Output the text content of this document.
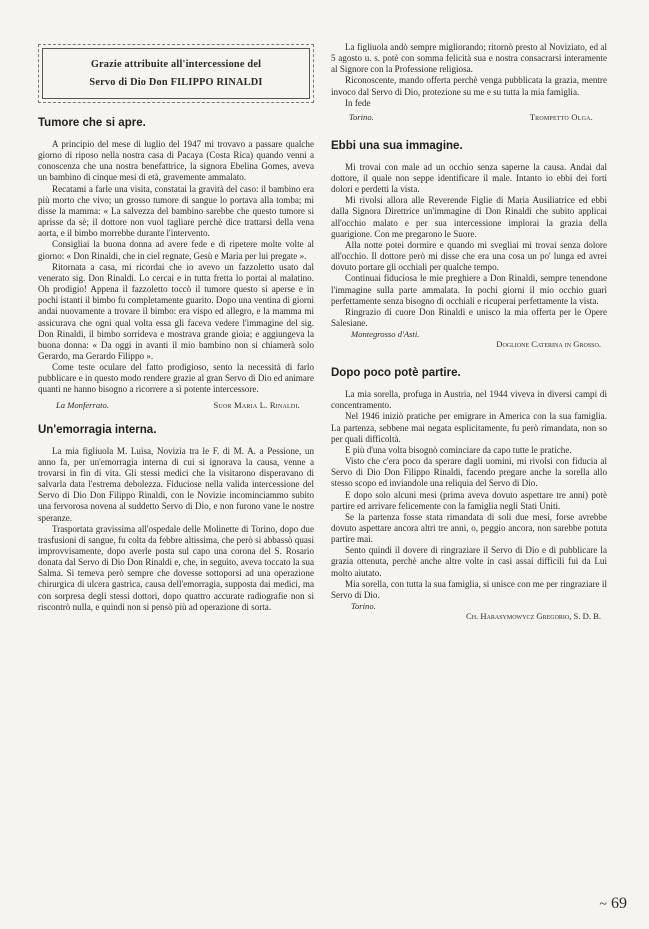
Grazie attribuite all'intercessione del
Servo di Dio Don FILIPPO RINALDI
Tumore che si apre.

A principio del mese di luglio del 1947 mi trovavo a passare qualche giorno di riposo nella nostra casa di Pacaya (Costa Rica) quando venni a conoscenza che una nostra benefattrice, la signora Ebelina Gomes, aveva un bambino di cinque mesi di età, gravemente ammalato.

Recatami a farle una visita, constatai la gravità del caso: il bambino era più morto che vivo; un grosso tumore di sangue lo portava alla tomba; mi disse la mamma: « La salvezza del bambino sarebbe che questo tumore si aprisse da sè; il dottore non vuol tagliare perchè dice trattarsi della vena aorta, e il bimbo morrebbe durante l'intervento.

Consigliai la buona donna ad avere fede e di ripetere molte volte al giorno: « Don Rinaldi, che in ciel regnate, Gesù e Maria per lui pregate ».

Ritornata a casa, mi ricordai che io avevo un fazzoletto usato dal venerato sig. Don Rinaldi. Lo cercai e in tutta fretta lo portai al malatino. Oh prodigio! Appena il fazzoletto toccò il tumore questo si aperse e in pochi istanti il bimbo fu completamente guarito. Dopo una ventina di giorni andai nuovamente a trovare il bimbo: era vispo ed allegro, e la mamma mi assicurava che ogni qual volta essa gli faceva vedere l'immagine del sig. Don Rinaldi, il bimbo sorrideva e mostrava grande gioia; e aggiungeva la buona donna: « Da oggi in avanti il mio bambino non si chiamerà solo Gerardo, ma Gerardo Filippo ».

Come teste oculare del fatto prodigioso, sento la necessità di farlo pubblicare e in questo modo rendere grazie al gran Servo di Dio ed animare quanti ne hanno bisogno a ricorrere a sì potente intercessore.

La Monferrato.	Suor Maria L. Rinaldi.
Un'emorragia interna.

La mia figliuola M. Luisa, Novizia tra le F. di M. A. a Pessione, un anno fa, per un'emorragia interna di cui si ignorava la causa, venne a trovarsi in fin di vita. Gli stessi medici che la visitarono disperavano di salvarla data l'estrema debolezza. Fiduciose nella valida intercessione del Servo di Dio Don Filippo Rinaldi, con le Novizie incominciammo subito una fervorosa novena al suddetto Servo di Dio, e non furono vane le nostre speranze.

Trasportata gravissima all'ospedale delle Molinette di Torino, dopo due trasfusioni di sangue, fu colta da febbre altissima, che però si abbassò quasi improvvisamente, dopo averle posta sul capo una corona del S. Rosario donata dal Servo di Dio Don Rinaldi e, che, in seguito, aveva toccato la sua Salma. Si temeva però sempre che dovesse sottoporsi ad una operazione chirurgica di ulcera gastrica, causa dell'emorragia, supposta dai medici, ma con sorpresa degli stessi dottori, dopo quattro accurate radiografie non si riscontrò nulla, e quindi non si pensò più ad operazione di sorta.

La figliuola andò sempre migliorando; ritornò presto al Noviziato, ed al 5 agosto u. s. potè con somma felicità sua e nostra consacrarsi interamente al Signore con la Professione religiosa.

Riconoscente, mando offerta perchè venga pubblicata la grazia, mentre invoco dal Servo di Dio, protezione su me e su tutta la mia famiglia.

In fede
Torino.	Trompetto Olga.
Ebbi una sua immagine.

Mi trovai con male ad un occhio senza saperne la causa. Andai dal dottore, il quale non seppe identificare il male. Intanto io ebbi dei forti dolori e perdetti la vista.

Mi rivolsi allora alle Reverende Figlie di Maria Ausiliatrice ed ebbi dalla Signora Direttrice un'immagine di Don Rinaldi che subito applicai all'occhio malato e per sua intercessione implorai la grazia della guarigione. Con me pregarono le Suore.

Alla notte potei dormire e quando mi svegliai mi trovai senza dolore all'occhio. Il dottore però mi disse che era una cosa un po' lunga ed avrei dovuto portare gli occhiali per qualche tempo.

Continuai fiduciosa le mie preghiere a Don Rinaldi, sempre tenendone l'immagine sulla parte ammalata. In pochi giorni il mio occhio guarì perfettamente senza bisogno di occhiali e ricuperai perfettamente la vista.

Ringrazio di cuore Don Rinaldi e unisco la mia offerta per le Opere Salesiane.

Montegrosso d'Asti.
Doglione Caterina in Grosso.
Dopo poco potè partire.

La mia sorella, profuga in Austria, nel 1944 viveva in diversi campi di concentramento.

Nel 1946 iniziò pratiche per emigrare in America con la sua famiglia. La partenza, sebbene mai negata esplicitamente, fu però rimandata, non so per quali difficoltà.

E più d'una volta bisognò cominciare da capo tutte le pratiche.

Visto che c'era poco da sperare dagli uomini, mi rivolsi con fiducia al Servo di Dio Don Filippo Rinaldi, facendo pregare anche la sorella allo stesso scopo ed inviandole una reliquia del Servo di Dio.

E dopo solo alcuni mesi (prima aveva dovuto aspettare tre anni) potè partire ed arrivare felicemente con la famiglia negli Stati Uniti.

Se la partenza fosse stata rimandata di soli due mesi, forse avrebbe dovuto aspettare ancora altri tre anni, o, peggio ancora, non sarebbe potuta partire mai.

Sento quindi il dovere di ringraziare il Servo di Dio e di pubblicare la grazia ottenuta, perchè anche altre volte in casi assai difficili fui da Lui molto aiutato.

Mia sorella, con tutta la sua famiglia, si unisce con me per ringraziare il Servo di Dio.

Torino.
Ch. Harasymowycz Gregorio, S. D. B.
~ 69
